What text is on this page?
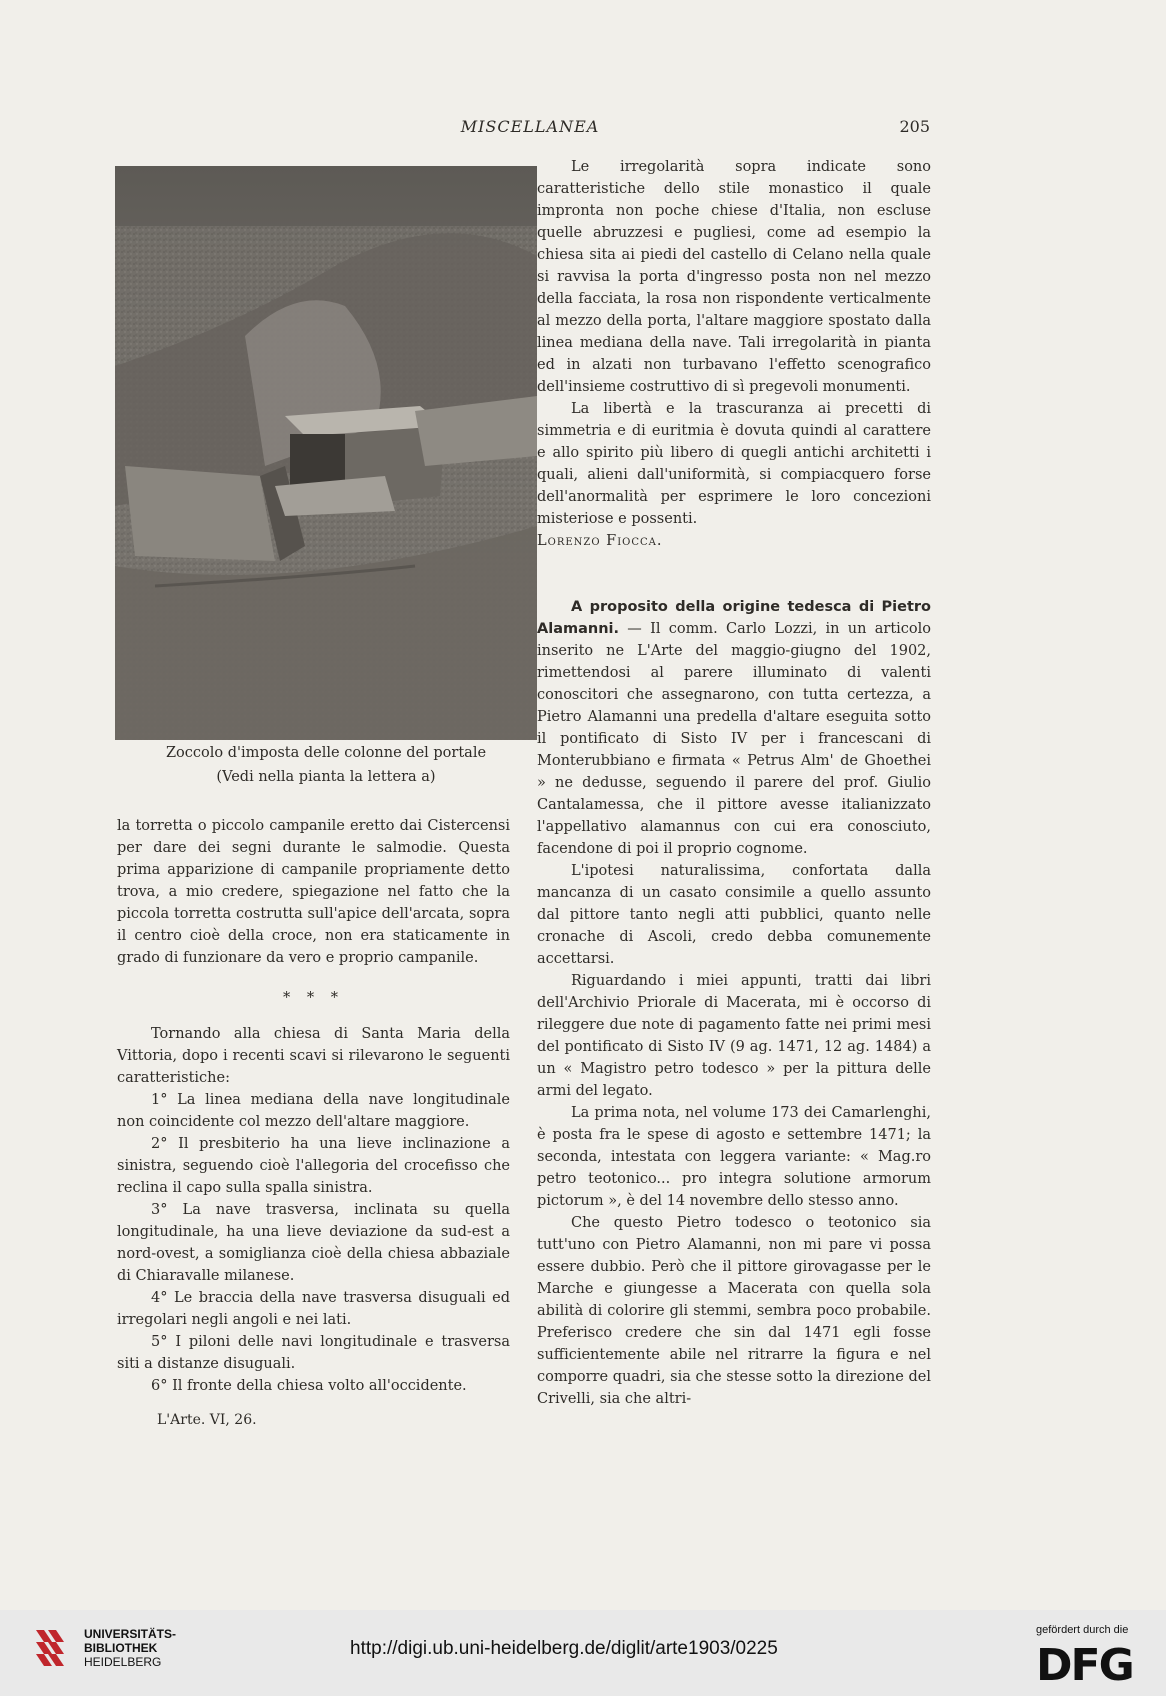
MISCELLANEA	205
Zoccolo d'imposta delle colonne del portale
(Vedi nella pianta la lettera a)

la torretta o piccolo campanile eretto dai Cistercensi per dare dei segni durante le salmodie. Questa prima apparizione di campanile propriamente detto trova, a mio credere, spiegazione nel fatto che la piccola torretta costrutta sull'apice dell'arcata, sopra il centro cioè della croce, non era staticamente in grado di funzionare da vero e proprio campanile.

* * *

Tornando alla chiesa di Santa Maria della Vittoria, dopo i recenti scavi si rilevarono le seguenti caratteristiche:

1° La linea mediana della nave longitudinale non coincidente col mezzo dell'altare maggiore.

2° Il presbiterio ha una lieve inclinazione a sinistra, seguendo cioè l'allegoria del crocefisso che reclina il capo sulla spalla sinistra.

3° La nave trasversa, inclinata su quella longitudinale, ha una lieve deviazione da sud-est a nord-ovest, a somiglianza cioè della chiesa abbaziale di Chiaravalle milanese.

4° Le braccia della nave trasversa disuguali ed irregolari negli angoli e nei lati.

5° I piloni delle navi longitudinale e trasversa siti a distanze disuguali.

6° Il fronte della chiesa volto all'occidente.

Le irregolarità sopra indicate sono caratteristiche dello stile monastico il quale impronta non poche chiese d'Italia, non escluse quelle abruzzesi e pugliesi, come ad esempio la chiesa sita ai piedi del castello di Celano nella quale si ravvisa la porta d'ingresso posta non nel mezzo della facciata, la rosa non rispondente verticalmente al mezzo della porta, l'altare maggiore spostato dalla linea mediana della nave. Tali irregolarità in pianta ed in alzati non turbavano l'effetto scenografico dell'insieme costruttivo di sì pregevoli monumenti.

La libertà e la trascuranza ai precetti di simmetria e di euritmia è dovuta quindi al carattere e allo spirito più libero di quegli antichi architetti i quali, alieni dall'uniformità, si compiacquero forse dell'anormalità per esprimere le loro concezioni misteriose e possenti.

Lorenzo Fiocca.

A proposito della origine tedesca di Pietro Alamanni. — Il comm. Carlo Lozzi, in un articolo inserito ne L'Arte del maggio-giugno del 1902, rimettendosi al parere illuminato di valenti conoscitori che assegnarono, con tutta certezza, a Pietro Alamanni una predella d'altare eseguita sotto il pontificato di Sisto IV per i francescani di Monterubbiano e firmata « Petrus Alm' de Ghoethei » ne dedusse, seguendo il parere del prof. Giulio Cantalamessa, che il pittore avesse italianizzato l'appellativo alamannus con cui era conosciuto, facendone di poi il proprio cognome.

L'ipotesi naturalissima, confortata dalla mancanza di un casato consimile a quello assunto dal pittore tanto negli atti pubblici, quanto nelle cronache di Ascoli, credo debba comunemente accettarsi.

Riguardando i miei appunti, tratti dai libri dell'Archivio Priorale di Macerata, mi è occorso di rileggere due note di pagamento fatte nei primi mesi del pontificato di Sisto IV (9 ag. 1471, 12 ag. 1484) a un « Magistro petro todesco » per la pittura delle armi del legato.

La prima nota, nel volume 173 dei Camarlenghi, è posta fra le spese di agosto e settembre 1471; la seconda, intestata con leggera variante: « Mag.ro petro teotonico... pro integra solutione armorum pictorum », è del 14 novembre dello stesso anno.

Che questo Pietro todesco o teotonico sia tutt'uno con Pietro Alamanni, non mi pare vi possa essere dubbio. Però che il pittore girovagasse per le Marche e giungesse a Macerata con quella sola abilità di colorire gli stemmi, sembra poco probabile. Preferisco credere che sin dal 1471 egli fosse sufficientemente abile nel ritrarre la figura e nel comporre quadri, sia che stesse sotto la direzione del Crivelli, sia che altri-

L'Arte. VI, 26.
UNIVERSITÄTS-
BIBLIOTHEK
HEIDELBERG
http://digi.ub.uni-heidelberg.de/diglit/arte1903/0225
gefördert durch die
DFG
